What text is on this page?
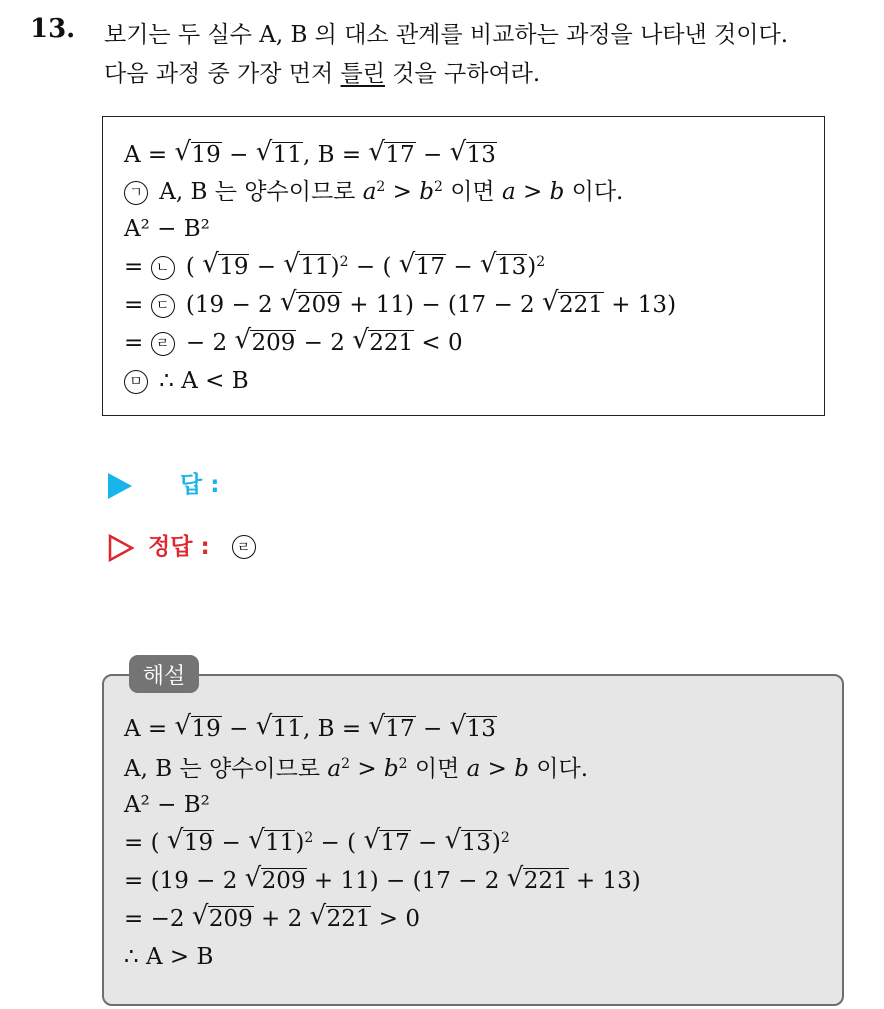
13. 보기는 두 실수 A, B 의 대소 관계를 비교하는 과정을 나타낸 것이다.
다음 과정 중 가장 먼저 틀린 것을 구하여라.
A = √ 19 − √ 11, B = √ 17 − √ 13
ㄱ A, B 는 양수이므로 $a^2 > b^2$ 이면 a > b 이다.
A² − B²
= ㄴ ( √ 19 − √ 11)$^2$ − ( √ 17 − √ 13)$^2$
= ㄷ (19 − 2 √ 209 + 11) − (17 − 2 √ 221 + 13)
= ㄹ − 2 √ 209 − 2 √ 221 < 0
ㅁ ∴ A < B
답 :
정답 : ㄹ
해설
A = √ 19 − √ 11, B = √ 17 − √ 13
A, B 는 양수이므로 $a^2 > b^2$ 이면 a > b 이다.
A² − B²
= ( √ 19 − √ 11)$^2$ − ( √ 17 − √ 13)$^2$
= (19 − 2 √ 209 + 11) − (17 − 2 √ 221 + 13)
= −2 √ 209 + 2 √ 221 > 0
∴ A > B
